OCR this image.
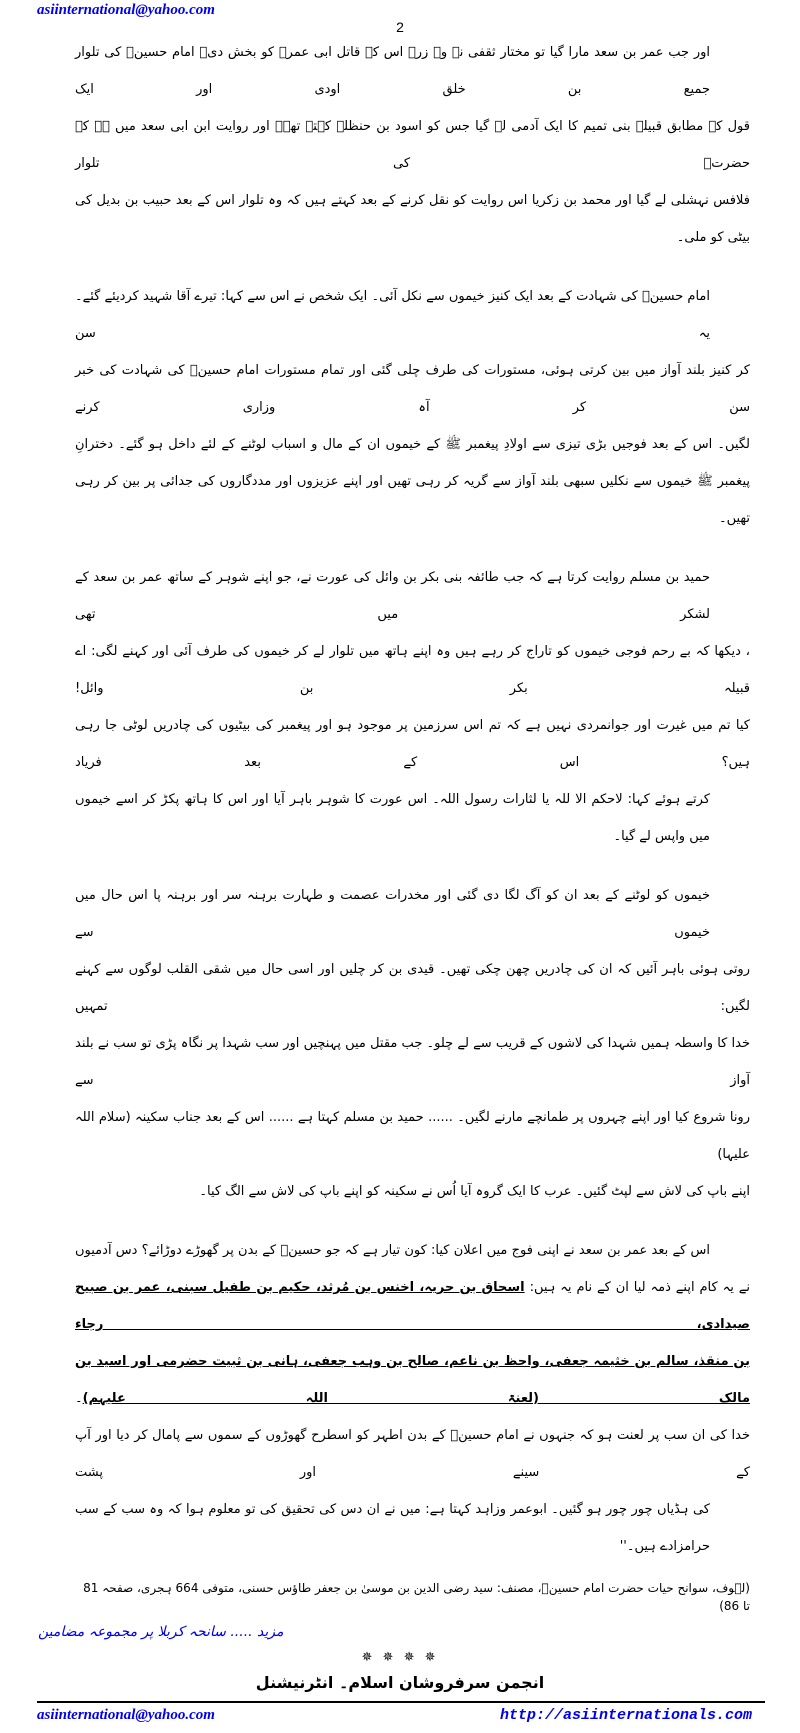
asiinternational@yahoo.com
2
اور جب عمر بن سعد مارا گیا تو مختار ثقفی نے وہ زرہ اس کے قاتل ابی عمرہ کو بخش دی۔ امام حسینؑ کی تلوار جمیع بن خلق اودی اور ایک
قول کے مطابق قبیلہ بنی تمیم کا ایک آدمی لے گیا جس کو اسود بن حنظلہ کہتے تھے۔ اور روایت ابن ابی سعد میں ہے کہ حضرتؑ کی تلوار
فلافس نہشلی لے گیا اور محمد بن زکریا اس روایت کو نقل کرنے کے بعد کہتے ہیں کہ وہ تلوار اس کے بعد حبیب بن بدیل کی بیٹی کو ملی۔
امام حسینؑ کی شہادت کے بعد ایک کنیز خیموں سے نکل آئی۔ ایک شخص نے اس سے کہا: تیرے آقا شہید کردیئے گئے۔ یہ سن
کر کنیز بلند آواز میں بین کرتی ہوئی، مستورات کی طرف چلی گئی اور تمام مستورات امام حسینؑ کی شہادت کی خبر سن کر آہ وزاری کرنے
لگیں۔ اس کے بعد فوجیں بڑی تیزی سے اولادِ پیغمبر ﷺ کے خیموں ان کے مال و اسباب لوٹنے کے لئے داخل ہو گئے۔ دخترانِ
پیغمبر ﷺ خیموں سے نکلیں سبھی بلند آواز سے گریہ کر رہی تھیں اور اپنے عزیزوں اور مددگاروں کی جدائی پر بین کر رہی تھیں۔
حمید بن مسلم روایت کرتا ہے کہ جب طائفہ بنی بکر بن وائل کی عورت نے، جو اپنے شوہر کے ساتھ عمر بن سعد کے لشکر میں تھی
، دیکھا کہ بے رحم فوجی خیموں کو تاراج کر رہے ہیں وہ اپنے ہاتھ میں تلوار لے کر خیموں کی طرف آئی اور کہنے لگی: اے قبیلہ بکر بن وائل!
کیا تم میں غیرت اور جوانمردی نہیں ہے کہ تم اس سرزمین پر موجود ہو اور پیغمبر کی بیٹیوں کی چادریں لوٹی جا رہی ہیں؟ اس کے بعد فریاد
کرتے ہوئے کہا: لاحکم الا للہ یا لثارات رسول اللہ۔ اس عورت کا شوہر باہر آیا اور اس کا ہاتھ پکڑ کر اسے خیموں میں واپس لے گیا۔
خیموں کو لوٹنے کے بعد ان کو آگ لگا دی گئی اور مخدرات عصمت و طہارت برہنہ سر اور برہنہ پا اس حال میں خیموں سے
روتی ہوئی باہر آئیں کہ ان کی چادریں چھن چکی تھیں۔ قیدی بن کر چلیں اور اسی حال میں شقی القلب لوگوں سے کہنے لگیں: تمہیں
خدا کا واسطہ ہمیں شہدا کی لاشوں کے قریب سے لے چلو۔ جب مقتل میں پہنچیں اور سب شہدا پر نگاہ پڑی تو سب نے بلند آواز سے
رونا شروع کیا اور اپنے چہروں پر طمانچے مارنے لگیں۔ ...... حمید بن مسلم کہتا ہے ...... اس کے بعد جناب سکینہ (سلام اللہ علیہا)
اپنے باپ کی لاش سے لپٹ گئیں۔ عرب کا ایک گروہ آیا اُس نے سکینہ کو اپنے باپ کی لاش سے الگ کیا۔
اس کے بعد عمر بن سعد نے اپنی فوج میں اعلان کیا: کون تیار ہے کہ جو حسینؑ کے بدن پر گھوڑے دوڑائے؟ دس آدمیوں
نے یہ کام اپنے ذمہ لیا ان کے نام یہ ہیں: اسحاق بن حریہ، اخنس بن مُرثد، حکیم بن طفیل سبنی، عمر بن صبیح صیدادی، رجاء
بن منقذ، سالم بن خثیمہ جعفی، واحظ بن ناعم، صالح بن وہب جعفی، ہانی بن ثبیت حضرمی اور اسید بن مالک (لعنۃ اللہ علیہم)۔
خدا کی ان سب پر لعنت ہو کہ جنہوں نے امام حسینؑ کے بدن اطہر کو اسطرح گھوڑوں کے سموں سے پامال کر دیا اور آپ کے سینے اور پشت
کی ہڈیاں چور چور ہو گئیں۔ ابوعمر وزاہد کہتا ہے: میں نے ان دس کی تحقیق کی تو معلوم ہوا کہ وہ سب کے سب حرامزادے ہیں۔''
(لہوف، سوانح حیات حضرت امام حسینؑ، مصنف: سید رضی الدین بن موسیٰ بن جعفر طاؤس حسنی، متوفی 664 ہجری، صفحہ 81 تا 86)
مزید ..... سانحہ کربلا پر مجموعہ مضامین
✵ ✵ ✵ ✵
انجمن سرفروشان اسلام۔ انٹرنیشنل
asiinternational@yahoo.com	http://asiinternationals.com
